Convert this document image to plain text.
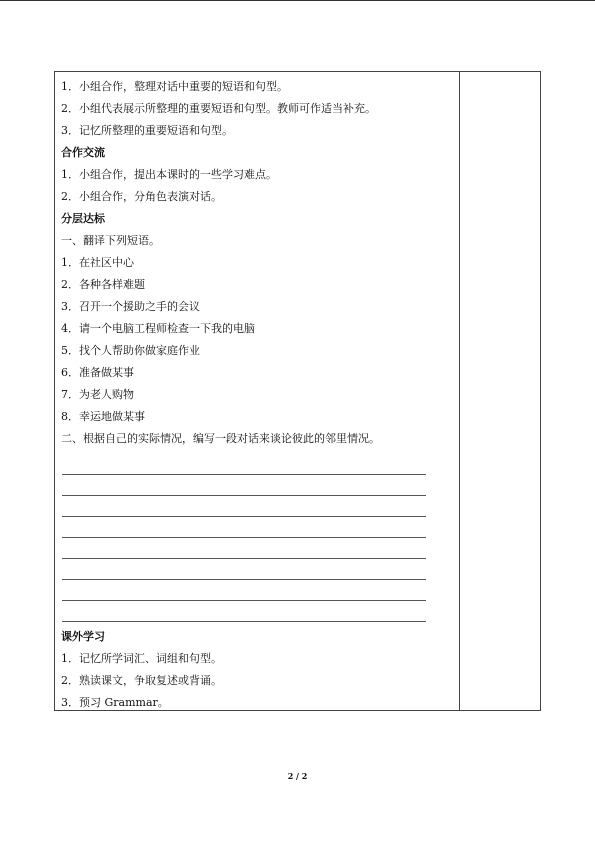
1．小组合作，整理对话中重要的短语和句型。
2．小组代表展示所整理的重要短语和句型。教师可作适当补充。
3．记忆所整理的重要短语和句型。
合作交流
1．小组合作，提出本课时的一些学习难点。
2．小组合作，分角色表演对话。
分层达标
一、翻译下列短语。
1．在社区中心
2．各种各样难题
3．召开一个援助之手的会议
4．请一个电脑工程师检查一下我的电脑
5．找个人帮助你做家庭作业
6．准备做某事
7．为老人购物
8．幸运地做某事
二、根据自己的实际情况，编写一段对话来谈论彼此的邻里情况。
课外学习
1．记忆所学词汇、词组和句型。
2．熟读课文，争取复述或背诵。
3．预习 Grammar。
2 / 2
